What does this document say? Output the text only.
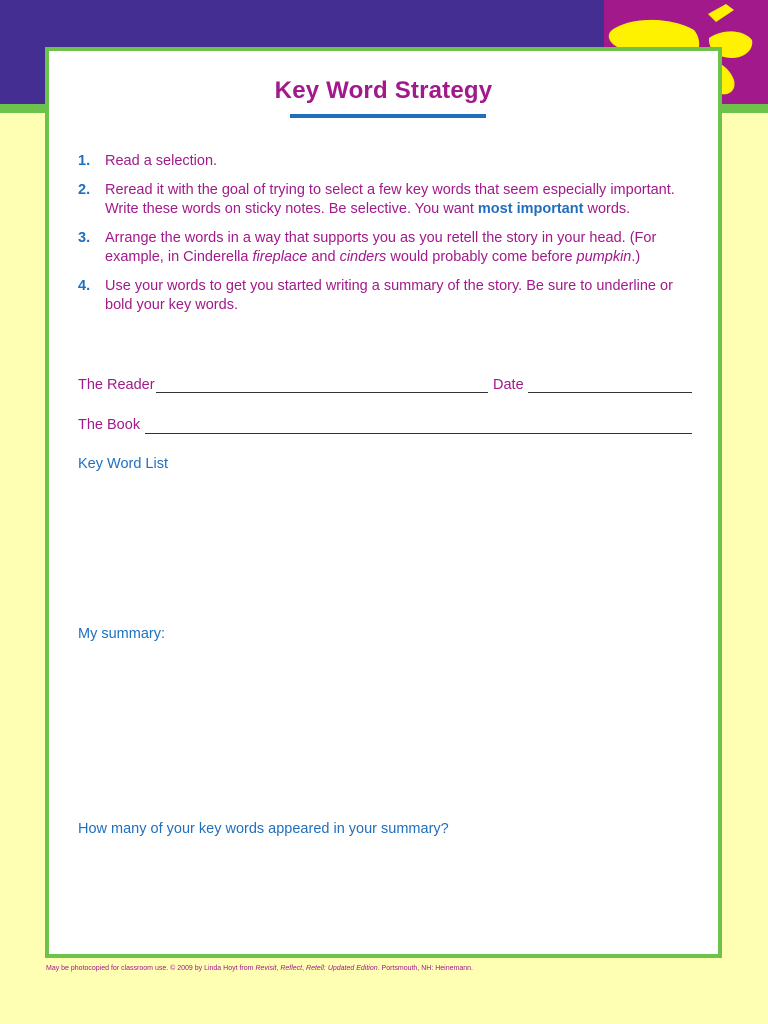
Key Word Strategy
1.	Read a selection.
2.	Reread it with the goal of trying to select a few key words that seem especially important. Write these words on sticky notes. Be selective. You want most important words.
3.	Arrange the words in a way that supports you as you retell the story in your head. (For example, in Cinderella fireplace and cinders would probably come before pumpkin.)
4.	Use your words to get you started writing a summary of the story. Be sure to underline or bold your key words.
The Reader	Date
The Book
Key Word List
My summary:
How many of your key words appeared in your summary?
May be photocopied for classroom use. © 2009 by Linda Hoyt from Revisit, Reflect, Retell: Updated Edition. Portsmouth, NH: Heinemann.
